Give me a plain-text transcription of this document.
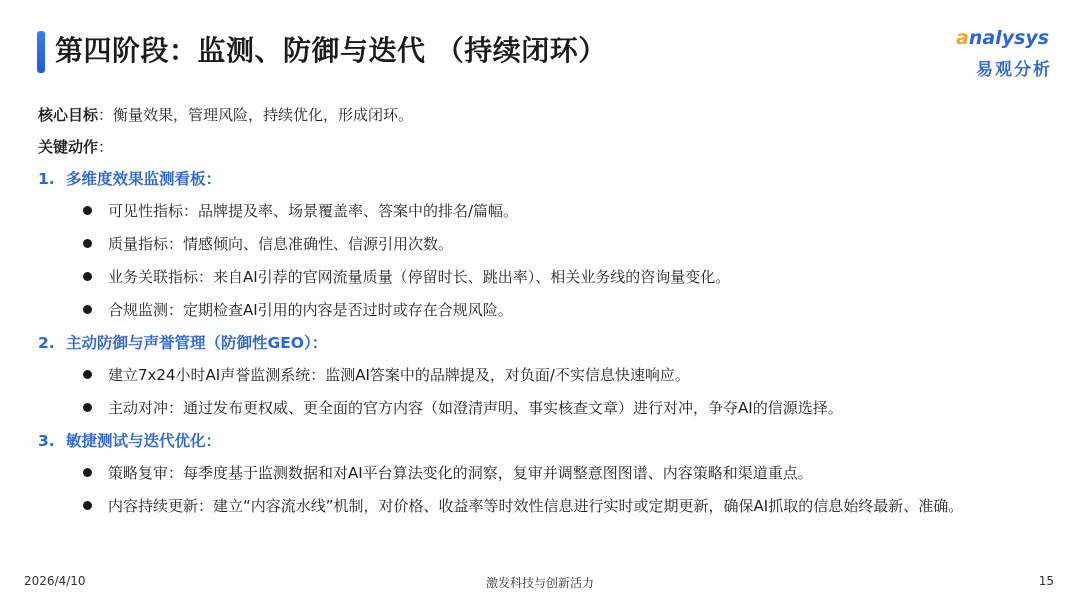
第四阶段：监测、防御与迭代 （持续闭环）	analysys
易观分析
核心目标：衡量效果，管理风险，持续优化，形成闭环。
关键动作：
1. 多维度效果监测看板：
可见性指标：品牌提及率、场景覆盖率、答案中的排名/篇幅。
质量指标：情感倾向、信息准确性、信源引用次数。
业务关联指标：来自AI引荐的官网流量质量（停留时长、跳出率）、相关业务线的咨询量变化。
合规监测：定期检查AI引用的内容是否过时或存在合规风险。
2. 主动防御与声誉管理（防御性GEO）：
建立7x24小时AI声誉监测系统：监测AI答案中的品牌提及，对负面/不实信息快速响应。
主动对冲：通过发布更权威、更全面的官方内容（如澄清声明、事实核查文章）进行对冲，争夺AI的信源选择。
3. 敏捷测试与迭代优化：
策略复审：每季度基于监测数据和对AI平台算法变化的洞察，复审并调整意图图谱、内容策略和渠道重点。
内容持续更新：建立“内容流水线”机制，对价格、收益率等时效性信息进行实时或定期更新，确保AI抓取的信息始终最新、准确。
2026/4/10	激发科技与创新活力	15
